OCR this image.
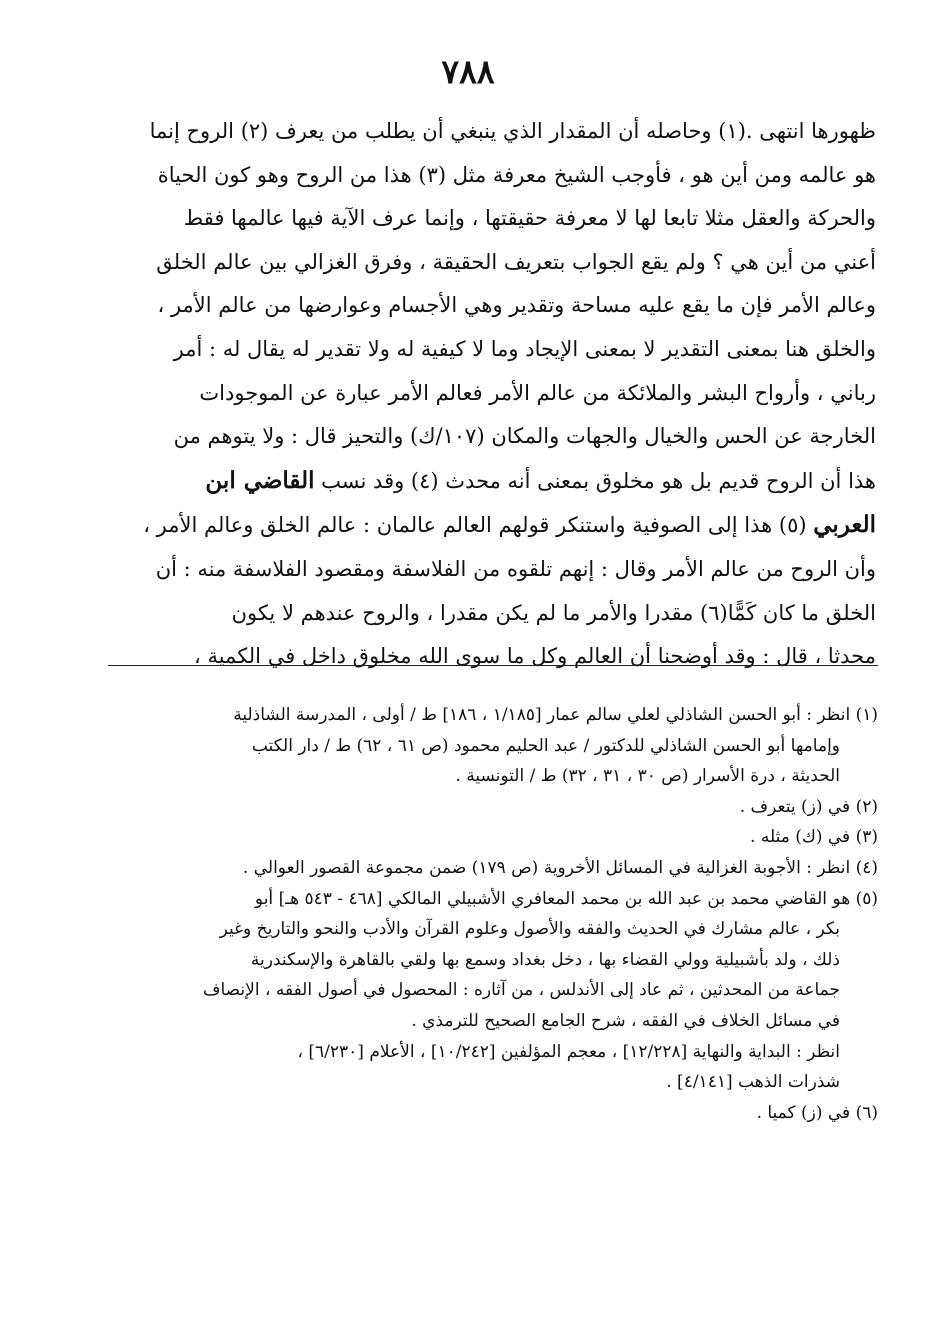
٧٨٨
ظهورها انتهى .(١) وحاصله أن المقدار الذي ينبغي أن يطلب من يعرف (٢) الروح إنما
هو عالمه ومن أين هو ، فأوجب الشيخ معرفة مثل (٣) هذا من الروح وهو كون الحياة
والحركة والعقل مثلا تابعا لها لا معرفة حقيقتها ، وإنما عرف الآية فيها عالمها فقط
أعني من أين هي ؟ ولم يقع الجواب بتعريف الحقيقة ، وفرق الغزالي بين عالم الخلق
وعالم الأمر فإن ما يقع عليه مساحة وتقدير وهي الأجسام وعوارضها من عالم الأمر ،
والخلق هنا بمعنى التقدير لا بمعنى الإيجاد وما لا كيفية له ولا تقدير له يقال له : أمر
رباني ، وأرواح البشر والملائكة من عالم الأمر فعالم الأمر عبارة عن الموجودات
الخارجة عن الحس والخيال والجهات والمكان (١٠٧/ك) والتحيز قال : ولا يتوهم من
هذا أن الروح قديم بل هو مخلوق بمعنى أنه محدث (٤) وقد نسب القاضي ابن
العربي (٥) هذا إلى الصوفية واستنكر قولهم العالم عالمان : عالم الخلق وعالم الأمر ،
وأن الروح من عالم الأمر وقال : إنهم تلقوه من الفلاسفة ومقصود الفلاسفة منه : أن
الخلق ما كان كَمًّا(٦) مقدرا والأمر ما لم يكن مقدرا ، والروح عندهم لا يكون
محدثا ، قال : وقد أوضحنا أن العالم وكل ما سوى الله مخلوق داخل في الكمية ،
(١) انظر : أبو الحسن الشاذلي لعلي سالم عمار [١/١٨٥ ، ١٨٦] ط / أولى ، المدرسة الشاذلية
وإمامها أبو الحسن الشاذلي للدكتور / عبد الحليم محمود (ص ٦١ ، ٦٢) ط / دار الكتب
الحديثة ، درة الأسرار (ص ٣٠ ، ٣١ ، ٣٢) ط / التونسية .
(٢) في (ز) يتعرف .
(٣) في (ك) مثله .
(٤) انظر : الأجوبة الغزالية في المسائل الأخروية (ص ١٧٩) ضمن مجموعة القصور العوالي .
(٥) هو القاضي محمد بن عبد الله بن محمد المعافري الأشبيلي المالكي [٤٦٨ - ٥٤٣ هـ] أبو
بكر ، عالم مشارك في الحديث والفقه والأصول وعلوم القرآن والأدب والنحو والتاريخ وغير
ذلك ، ولد بأشبيلية وولي القضاء بها ، دخل بغداد وسمع بها ولقي بالقاهرة والإسكندرية
جماعة من المحدثين ، ثم عاد إلى الأندلس ، من آثاره : المحصول في أصول الفقه ، الإنصاف
في مسائل الخلاف في الفقه ، شرح الجامع الصحيح للترمذي .
انظر : البداية والنهاية [١٢/٢٢٨] ، معجم المؤلفين [١٠/٢٤٢] ، الأعلام [٦/٢٣٠] ،
شذرات الذهب [٤/١٤١] .
(٦) في (ز) كميا .
